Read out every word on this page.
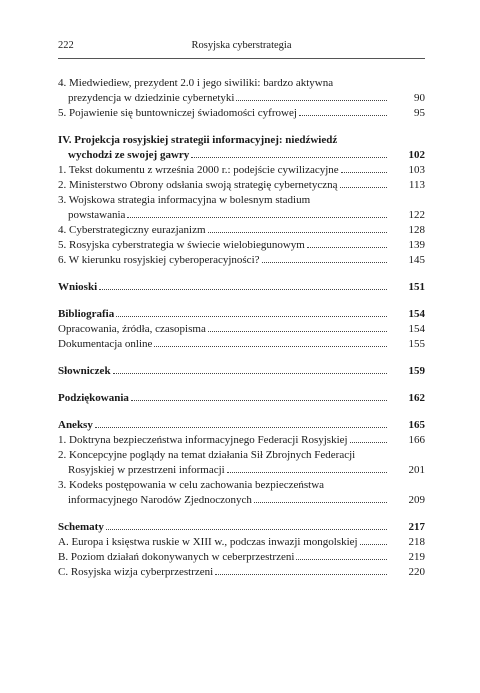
222	Rosyjska cyberstrategia
4. Miedwiediew, prezydent 2.0 i jego siwiliki: bardzo aktywna
prezydencja w dziedzinie cybernetyki	90
5. Pojawienie się buntowniczej świadomości cyfrowej	95
IV. Projekcja rosyjskiej strategii informacyjnej: niedźwiedź
wychodzi ze swojej gawry	102
1. Tekst dokumentu z września 2000 r.: podejście cywilizacyjne	103
2. Ministerstwo Obrony odsłania swoją strategię cybernetyczną	113
3. Wojskowa strategia informacyjna w bolesnym stadium
powstawania	122
4. Cyberstrategiczny eurazjanizm	128
5. Rosyjska cyberstrategia w świecie wielobiegunowym	139
6. W kierunku rosyjskiej cyberoperacyjności?	145
Wnioski	151
Bibliografia	154
Opracowania, źródła, czasopisma	154
Dokumentacja online	155
Słowniczek	159
Podziękowania	162
Aneksy	165
1. Doktryna bezpieczeństwa informacyjnego Federacji Rosyjskiej	166
2. Koncepcyjne poglądy na temat działania Sił Zbrojnych Federacji
Rosyjskiej w przestrzeni informacji	201
3. Kodeks postępowania w celu zachowania bezpieczeństwa
informacyjnego Narodów Zjednoczonych	209
Schematy	217
A. Europa i księstwa ruskie w XIII w., podczas inwazji mongolskiej	218
B. Poziom działań dokonywanych w ceberprzestrzeni	219
C. Rosyjska wizja cyberprzestrzeni	220
